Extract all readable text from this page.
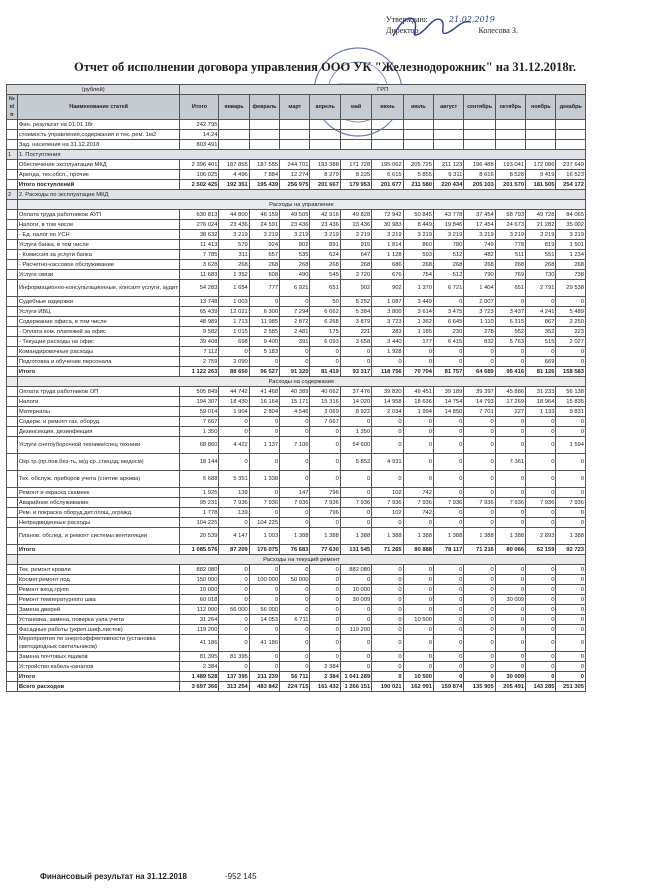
Утверждаю:
Директор	Колесова З.
21.02.2019
Отчет об исполнении договора управления ООО УК "Железнодорожник" на 31.12.2018г.
(рублей)		ГРП												
№ п/п	Наименование статей	Итого	январь	февраль	март	апрель	май	июнь	июль	август	сентябрь	октябрь	ноябрь	декабрь
	Фин. результат на 01.01.18г	242 795												
	стоимость управления,содержания и тек. рем. 1м2	14,24												
	Зад. населения на 31.12.2018	803 491												
1	1. Поступления													
	Обеспечение эксплуатации МКД	2 396 401	187 855	187 555	244 701	193 388	171 728	195 062	205 725	211 123	196 488	193 041	172 086	237 649
	Аренда, тех.обсл., прочие	106 025	4 496	7 884	12 274	8 279	8 225	6 615	5 855	9 311	8 616	8 528	9 419	16 523
	Итого поступлений	2 502 425	192 351	195 439	256 975	201 667	179 953	201 677	211 580	220 434	205 103	201 570	181 505	254 172
2	2. Расходы по эксплуатации МКД													
	Расходы на управление													
	Оплата труда работников АУП	630 813	44 800	46 159	49 505	42 916	49 828	72 942	50 845	43 778	37 454	58 793	49 728	84 065
	Налоги, в том числе	276 024	23 436	24 591	23 436	23 436	23 436	30 983	8 449	19 846	17 454	24 673	21 282	35 002
	- Ед. налог по УСН	38 632	3 219	3 219	3 219	3 219	3 219	3 219	3 219	3 219	3 219	3 219	3 219	3 219
	Услуги банка, в том числе	11 413	579	924	802	891	915	1 814	860	780	749	778	819	1 501
	- Комиссия за услуги банка	7 785	311	657	535	624	647	1 128	593	512	482	511	551	1 234
	- Расчетно-кассовое обслуживание	3 628	268	268	268	268	268	686	268	268	268	268	268	268
	Услуги связи	11 683	1 352	608	490	545	3 720	676	754	512	790	769	730	738
	Информационно-консультационные, консалт услуги, аудит	54 283	1 654	777	6 921	651	902	902	1 370	6 721	1 404	651	2 791	29 538
	Судебные издержки	13 748	1 003	0	0	50	5 252	1 087	3 449	0	2 007	0	0	0
	Услуги ИВЦ	65 439	12 021	6 300	7 294	6 662	5 384	3 800	3 614	3 475	3 723	3 437	4 241	5 489
	Содержание офиса, в том числе	48 989	1 713	11 985	2 872	6 268	3 879	3 723	1 362	6 645	1 110	6 315	867	2 250
	- Оплата ком. платежей за офис	9 582	1 015	2 585	2 481	175	221	283	1 185	230	278	552	352	223
	- Текущие расходы на офис	39 408	698	9 400	391	6 093	3 658	3 440	177	6 415	832	5 763	515	2 027
	Командировочные расходы	7 112	0	5 183	0	0	0	1 928	0	0	0	0	0	0
	Подготовка и обучение персонала	2 759	2 090	0	0	0	0	0	0	0	0	0	669	0
	Итого	1 122 263	88 650	96 527	91 320	81 419	93 317	118 756	70 704	81 757	64 689	95 416	81 126	158 583
	Расходы на содержание													
	Оплата труда работников ОП	505 849	44 742	41 468	40 389	40 662	37 476	39 820	49 451	39 189	39 397	45 886	31 233	56 138
	Налоги	194 307	18 430	16 164	15 171	15 316	14 020	14 958	18 636	14 754	14 793	17 269	18 964	15 835
	Материалы	59 014	1 904	2 804	4 546	3 069	8 922	2 034	1 994	14 850	7 701	227	1 133	9 831
	Содерж. и ремонт газ. оборуд.	7 667	0	0	0	7 667	0	0	0	0	0	0	0	0
	Дезинсекция, дезинфекция	1 350	0	0	0	0	1 350	0	0	0	0	0	0	0
	Услуги снегоуборочной техники/спец техники	68 860	4 422	1 137	7 106	0	54 600	0	0	0	0	0	0	1 594
	Окр.тр.(пр.пов.без-ть, м/д ср.,спецод, медосм)	18 144	0	0	0	0	5 852	4 931	0	0	0	7 361	0	0
	Тех. обслуж. приборов учета (снятие архива)	6 688	5 351	1 338	0	0	0	0	0	0	0	0	0	0
	Ремонт и окраска скамеек	1 925	139	0	147	796	0	102	742	0	0	0	0	0
	Аварийное обслуживание	95 231	7 936	7 936	7 936	7 936	7 936	7 936	7 936	7 936	7 936	7 936	7 936	7 936
	Рем. и покраска оборуд.дет.площ.,огражд.	1 778	139	0	0	796	0	102	742	0	0	0	0	0
	Непредвиденные расходы	104 225	0	104 225	0	0	0	0	0	0	0	0	0	0
	Планов. обслед. и ремонт системы вентиляции	20 539	4 147	1 003	1 388	1 388	1 388	1 388	1 388	1 388	1 388	1 388	2 893	1 388
	Итого	1 085 576	87 209	176 075	76 683	77 630	131 545	71 265	80 888	78 117	71 216	80 066	62 159	92 723
	Расходы на текущий ремонт													
	Тек. ремонт кровли	882 080	0	0	0	0	882 080	0	0	0	0	0	0	0
	Космет.ремонт под.	150 000	0	100 000	50 000	0	0	0	0	0	0	0	0	0
	Ремонт вход.групп	10 000	0	0	0	0	10 000	0	0	0	0	0	0	0
	Ремонт температурного шва	60 018	0	0	0	0	30 009	0	0	0	0	30 009	0	0
	Замена дверей	112 000	56 000	56 000	0	0	0	0	0	0	0	0	0	0
	Установка, замена, поверка узла учета	31 264	0	14 053	6 711	0	0	0	10 500	0	0	0	0	0
	Фасадные работы (укреп.шиф.листов)	119 200	0	0	0	0	119 200	0	0	0	0	0	0	0
	Мероприятия по энергоэффективности (установка светодиодных светильников)	41 186	0	41 186	0	0	0	0	0	0	0	0	0	0
	Замена почтовых ящиков	81 395	81 395	0	0	0	0	0	0	0	0	0	0	0
	Устройство кабель-каналов	2 384	0	0	0	2 384	0	0	0	0	0	0	0	0
	Итого	1 489 528	137 395	211 239	56 711	2 384	1 041 289	0	10 500	0	0	30 009	0	0
	Всего расходов	3 697 366	313 254	483 842	224 715	161 432	1 266 151	190 021	162 091	159 874	135 905	205 491	143 285	251 305
Финансовый результат на 31.12.2018	-952 145
